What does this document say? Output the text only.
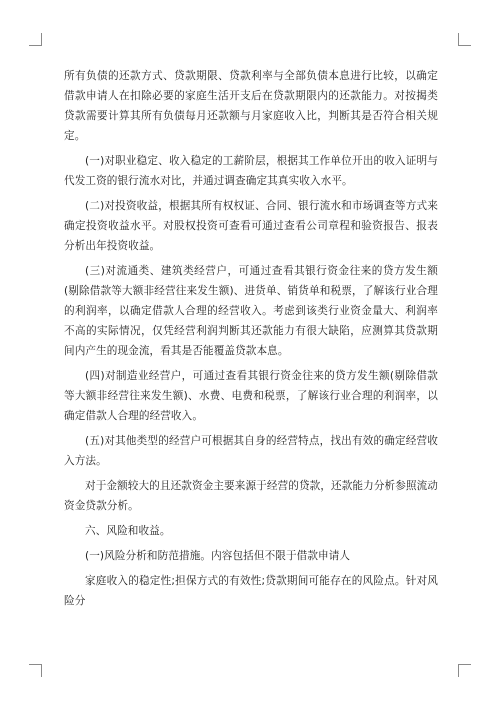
所有负债的还款方式、贷款期限、贷款利率与全部负债本息进行比较，以确定借款申请人在扣除必要的家庭生活开支后在贷款期限内的还款能力。对按揭类贷款需要计算其所有负债每月还款额与月家庭收入比，判断其是否符合相关规定。

(一)对职业稳定、收入稳定的工薪阶层，根据其工作单位开出的收入证明与代发工资的银行流水对比，并通过调查确定其真实收入水平。

(二)对投资收益，根据其所有权权证、合同、银行流水和市场调查等方式来确定投资收益水平。对股权投资可查看可通过查看公司章程和验资报告、报表分析出年投资收益。

(三)对流通类、建筑类经营户，可通过查看其银行资金往来的贷方发生额(剔除借款等大额非经营往来发生额)、进货单、销货单和税票，了解该行业合理的利润率，以确定借款人合理的经营收入。考虑到该类行业资金量大、利润率不高的实际情况，仅凭经营利润判断其还款能力有很大缺陷，应测算其贷款期间内产生的现金流，看其是否能覆盖贷款本息。

(四)对制造业经营户，可通过查看其银行资金往来的贷方发生额(剔除借款等大额非经营往来发生额)、水费、电费和税票，了解该行业合理的利润率，以确定借款人合理的经营收入。

(五)对其他类型的经营户可根据其自身的经营特点，找出有效的确定经营收入方法。

对于金额较大的且还款资金主要来源于经营的贷款，还款能力分析参照流动资金贷款分析。

六、风险和收益。

(一)风险分析和防范措施。内容包括但不限于借款申请人

家庭收入的稳定性;担保方式的有效性;贷款期间可能存在的风险点。针对风险分
